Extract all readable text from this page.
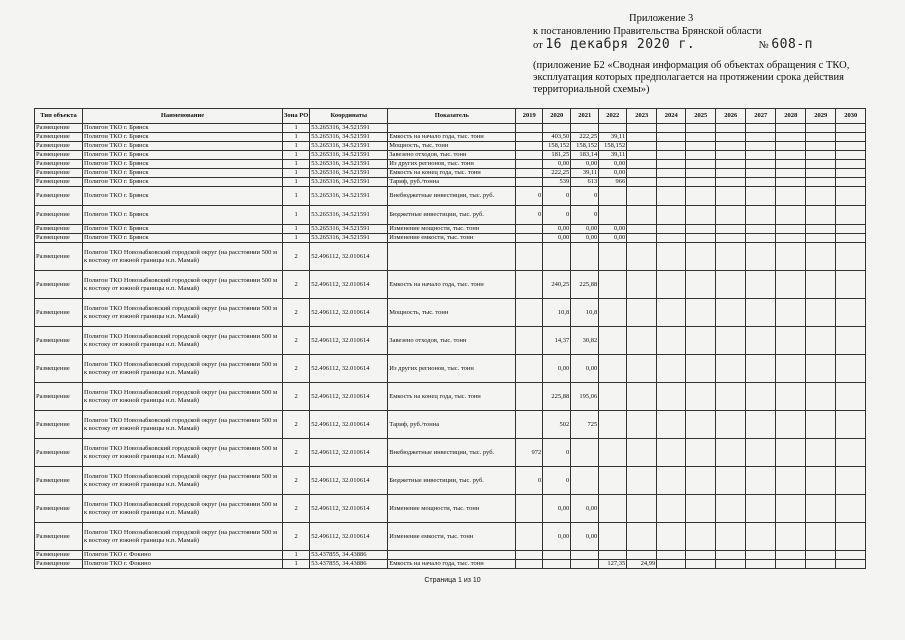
Приложение 3
к постановлению Правительства Брянской области
от 16 декабря 2020 г.	№ 608-п
(приложение Б2 «Сводная информация об объектах обращения с ТКО, эксплуатация которых предполагается на протяжении срока действия территориальной схемы»)
Тип объекта	Наименование	Зона РО	Координаты	Показатель	2019	2020	2021	2022	2023	2024	2025	2026	2027	2028	2029	2030
Размещение	Полигон ТКО г. Брянск	1	53.265316, 34.521591													
Размещение	Полигон ТКО г. Брянск	1	53.265316, 34.521591	Емкость на начало года, тыс. тонн		403,50	222,25	39,11								
Размещение	Полигон ТКО г. Брянск	1	53.265316, 34.521591	Мощность, тыс. тонн		158,152	158,152	158,152								
Размещение	Полигон ТКО г. Брянск	1	53.265316, 34.521591	Завезено отходов, тыс. тонн		181,25	183,14	39,11								
Размещение	Полигон ТКО г. Брянск	1	53.265316, 34.521591	Из других регионов, тыс. тонн		0,00	0,00	0,00								
Размещение	Полигон ТКО г. Брянск	1	53.265316, 34.521591	Емкость на конец года, тыс. тонн		222,25	39,11	0,00								
Размещение	Полигон ТКО г. Брянск	1	53.265316, 34.521591	Тариф, руб./тонна		539	613	966								
Размещение	Полигон ТКО г. Брянск	1	53.265316, 34.521591	Внебюджетные инвестиции, тыс. руб.	0	0	0									
Размещение	Полигон ТКО г. Брянск	1	53.265316, 34.521591	Бюджетные инвестиции, тыс. руб.	0	0	0									
Размещение	Полигон ТКО г. Брянск	1	53.265316, 34.521591	Изменение мощности, тыс. тонн		0,00	0,00	0,00								
Размещение	Полигон ТКО г. Брянск	1	53.265316, 34.521591	Изменение емкости, тыс. тонн		0,00	0,00	0,00								
Размещение	Полигон ТКО Новозыбковский городской округ (на расстоянии 500 м к востоку от южной границы н.п. Мамай)	2	52.496112, 32.010614													
Размещение	Полигон ТКО Новозыбковский городской округ (на расстоянии 500 м к востоку от южной границы н.п. Мамай)	2	52.496112, 32.010614	Емкость на начало года, тыс. тонн		240,25	225,88									
Размещение	Полигон ТКО Новозыбковский городской округ (на расстоянии 500 м к востоку от южной границы н.п. Мамай)	2	52.496112, 32.010614	Мощность, тыс. тонн		10,8	10,8									
Размещение	Полигон ТКО Новозыбковский городской округ (на расстоянии 500 м к востоку от южной границы н.п. Мамай)	2	52.496112, 32.010614	Завезено отходов, тыс. тонн		14,37	30,82									
Размещение	Полигон ТКО Новозыбковский городской округ (на расстоянии 500 м к востоку от южной границы н.п. Мамай)	2	52.496112, 32.010614	Из других регионов, тыс. тонн		0,00	0,00									
Размещение	Полигон ТКО Новозыбковский городской округ (на расстоянии 500 м к востоку от южной границы н.п. Мамай)	2	52.496112, 32.010614	Емкость на конец года, тыс. тонн		225,88	195,06									
Размещение	Полигон ТКО Новозыбковский городской округ (на расстоянии 500 м к востоку от южной границы н.п. Мамай)	2	52.496112, 32.010614	Тариф, руб./тонна		502	725									
Размещение	Полигон ТКО Новозыбковский городской округ (на расстоянии 500 м к востоку от южной границы н.п. Мамай)	2	52.496112, 32.010614	Внебюджетные инвестиции, тыс. руб.	972	0										
Размещение	Полигон ТКО Новозыбковский городской округ (на расстоянии 500 м к востоку от южной границы н.п. Мамай)	2	52.496112, 32.010614	Бюджетные инвестиции, тыс. руб.	0	0										
Размещение	Полигон ТКО Новозыбковский городской округ (на расстоянии 500 м к востоку от южной границы н.п. Мамай)	2	52.496112, 32.010614	Изменение мощности, тыс. тонн		0,00	0,00									
Размещение	Полигон ТКО Новозыбковский городской округ (на расстоянии 500 м к востоку от южной границы н.п. Мамай)	2	52.496112, 32.010614	Изменение емкости, тыс. тонн		0,00	0,00									
Размещение	Полигон ТКО г. Фокино	1	53.437855, 34.43886													
Размещение	Полигон ТКО г. Фокино	1	53.437855, 34.43886	Емкость на начало года, тыс. тонн				127,35	24,99							
Страница 1 из 10
